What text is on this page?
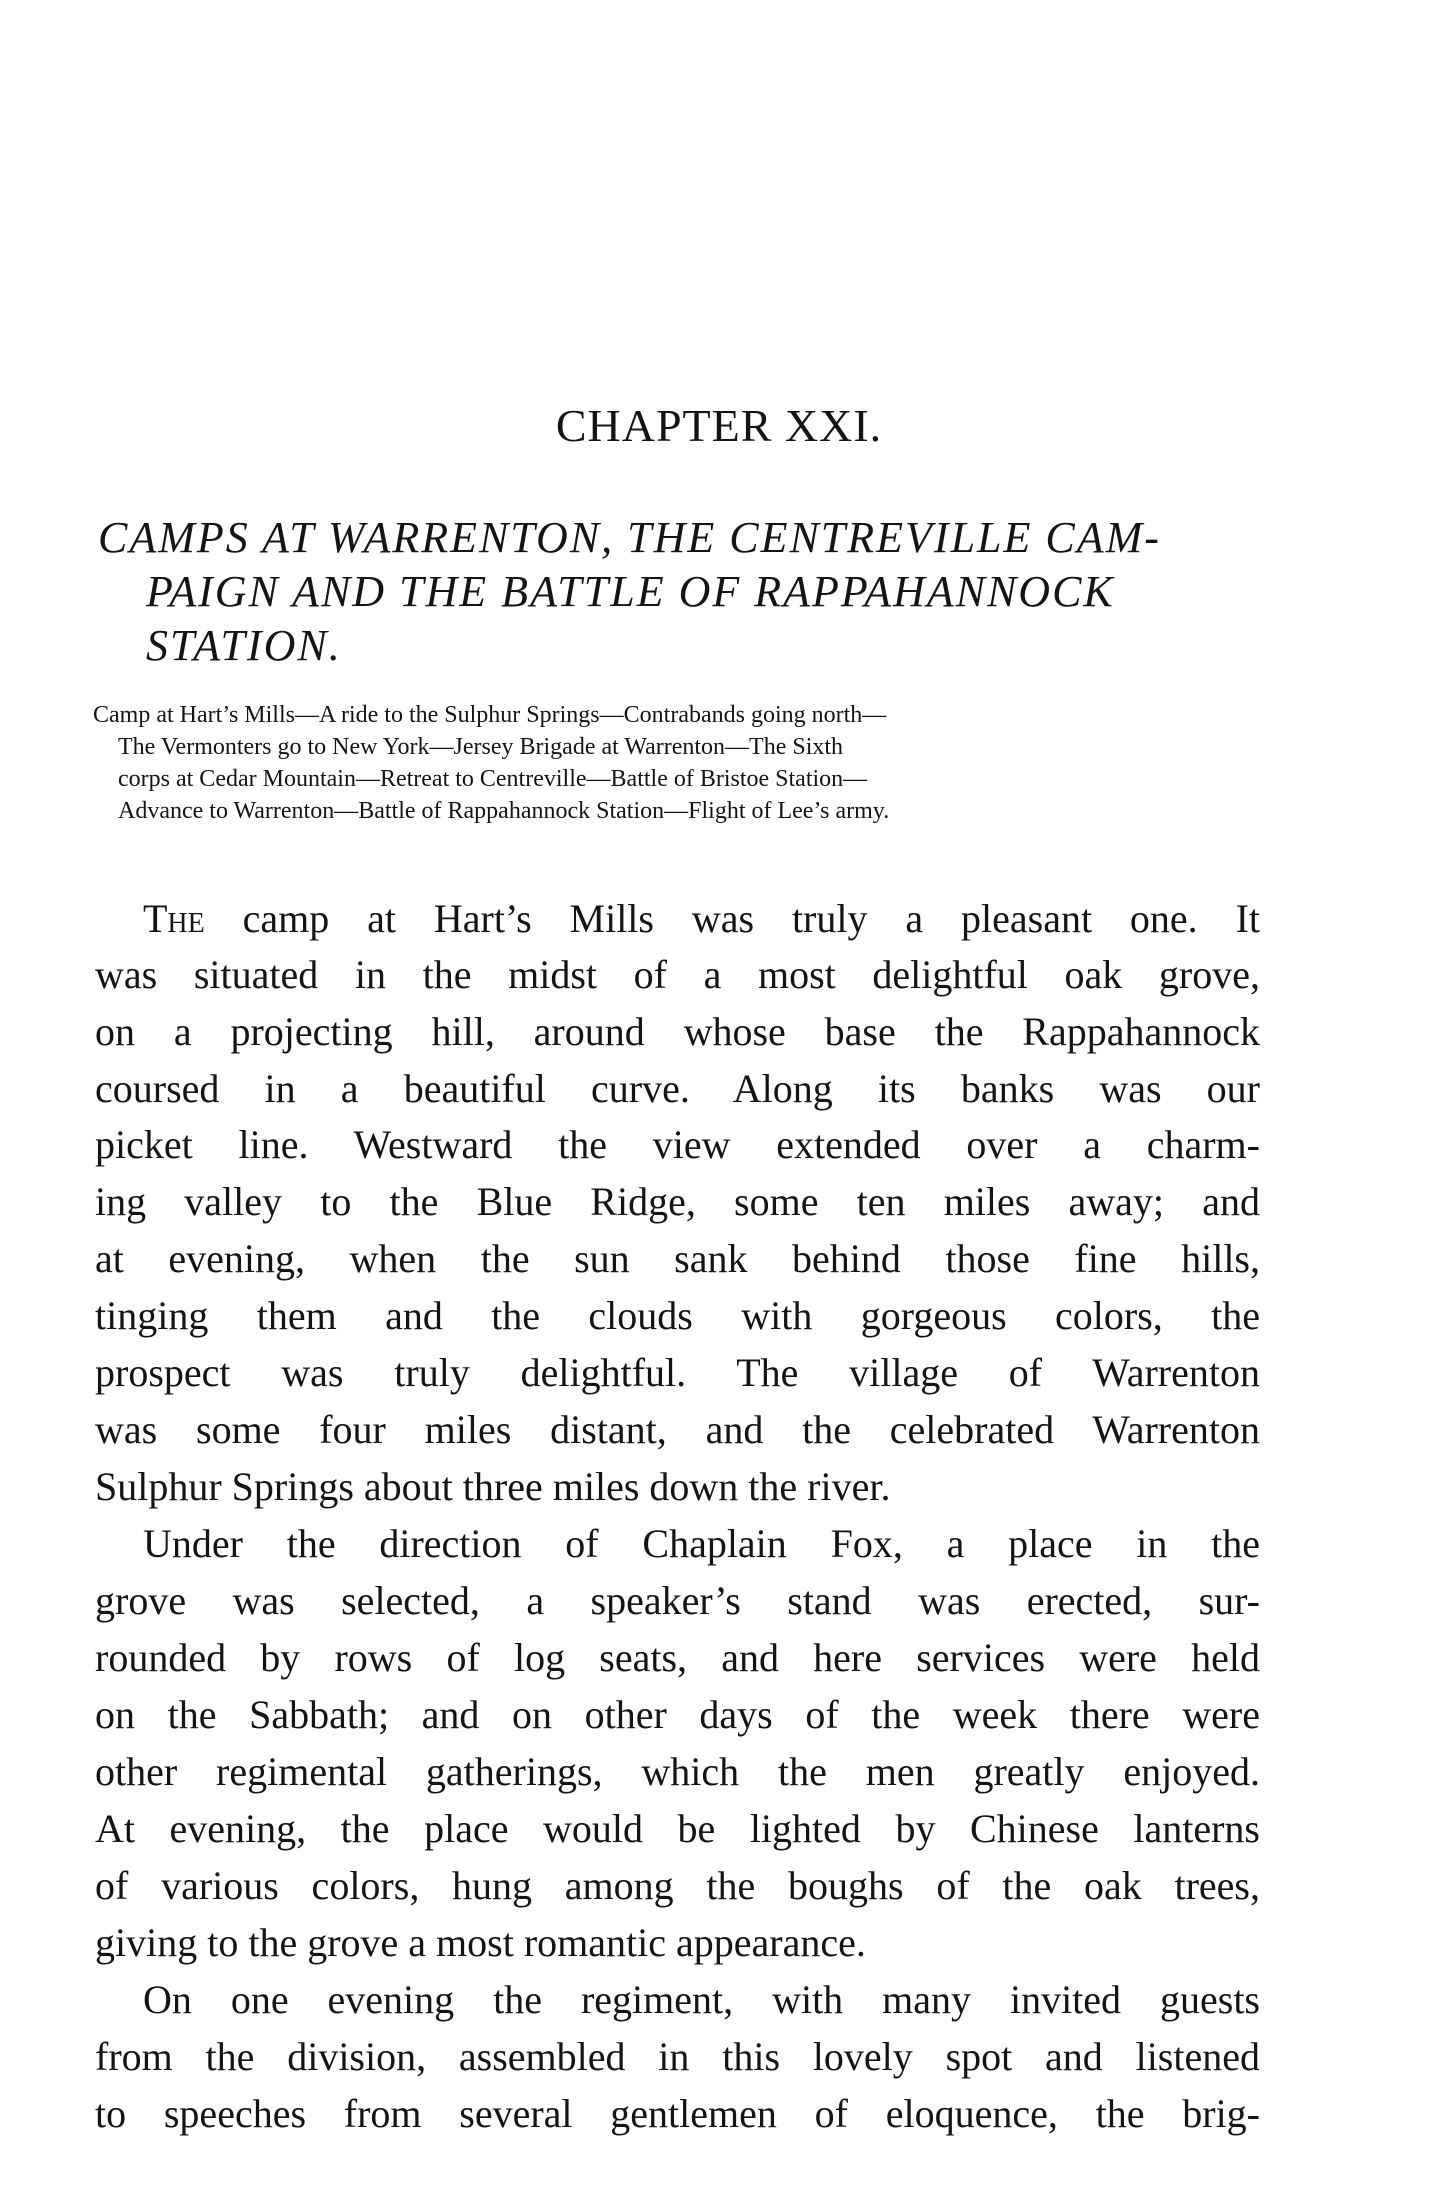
CHAPTER XXI.
CAMPS AT WARRENTON, THE CENTREVILLE CAM-
PAIGN AND THE BATTLE OF RAPPAHANNOCK
STATION.
Camp at Hart’s Mills—A ride to the Sulphur Springs—Contrabands going north—
The Vermonters go to New York—Jersey Brigade at Warrenton—The Sixth
corps at Cedar Mountain—Retreat to Centreville—Battle of Bristoe Station—
Advance to Warrenton—Battle of Rappahannock Station—Flight of Lee’s army.
The camp at Hart’s Mills was truly a pleasant one. It
was situated in the midst of a most delightful oak grove,
on a projecting hill, around whose base the Rappahannock
coursed in a beautiful curve. Along its banks was our
picket line. Westward the view extended over a charm-
ing valley to the Blue Ridge, some ten miles away; and
at evening, when the sun sank behind those fine hills,
tinging them and the clouds with gorgeous colors, the
prospect was truly delightful. The village of Warrenton
was some four miles distant, and the celebrated Warrenton
Sulphur Springs about three miles down the river.
Under the direction of Chaplain Fox, a place in the
grove was selected, a speaker’s stand was erected, sur-
rounded by rows of log seats, and here services were held
on the Sabbath; and on other days of the week there were
other regimental gatherings, which the men greatly enjoyed.
At evening, the place would be lighted by Chinese lanterns
of various colors, hung among the boughs of the oak trees,
giving to the grove a most romantic appearance.
On one evening the regiment, with many invited guests
from the division, assembled in this lovely spot and listened
to speeches from several gentlemen of eloquence, the brig-
